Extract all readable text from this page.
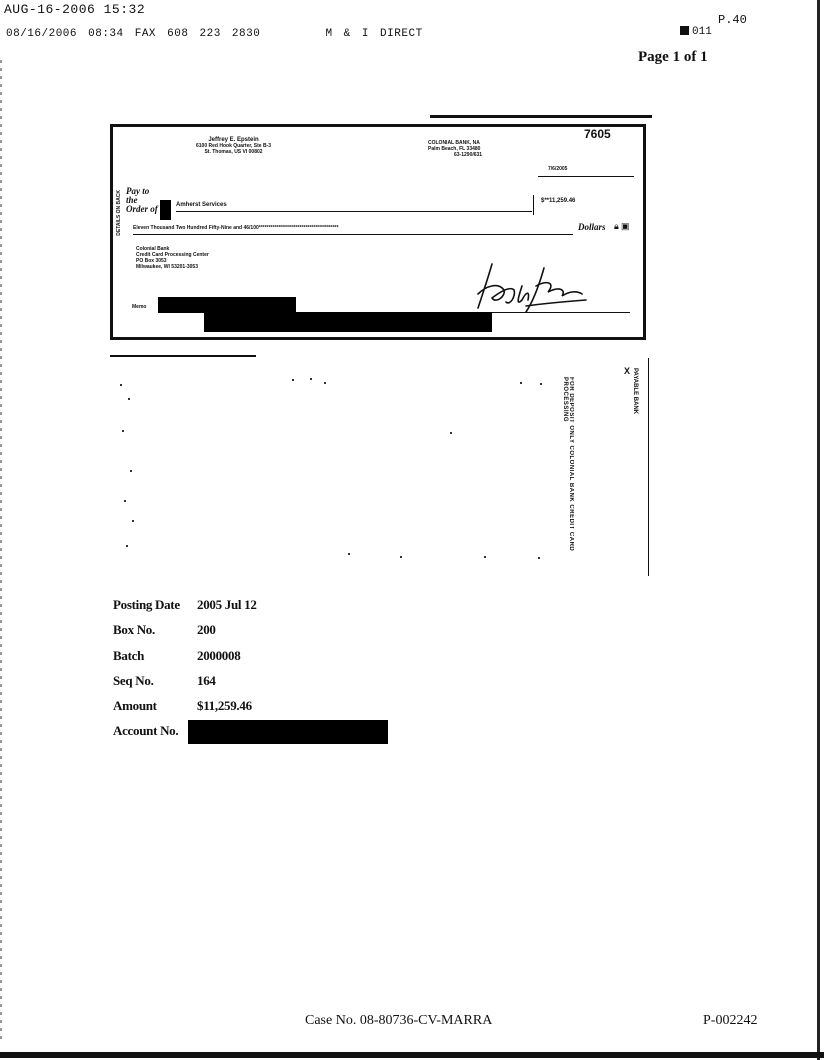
AUG-16-2006 15:32
08/16/2006 08:34 FAX 608 223 2830	M & I DIRECT
P.40
011
Page 1 of 1
7605
Jeffrey E. Epstein
6100 Red Hook Quarter, Ste B-3
St. Thomas, US VI 00802
COLONIAL BANK, NA
Palm Beach, FL 33480
63-1290/631
7/6/2005
DETAILS ON BACK Pay to the Order of	Amherst Services
$**11,259.46
Eleven Thousand Two Hundred Fifty-Nine and 46/100*****************************************	Dollars 🔒︎ ▣
Colonial Bank
Credit Card Processing Center
PO Box 3053
Milwaukee, WI 53201-3053
Memo
X
FOR DEPOSIT ONLY COLONIAL BANK CREDIT CARD PROCESSING	PAYABLE BANK
Posting Date 2005 Jul 12
Box No.	200
Batch	2000008
Seq No.	164
Amount	$11,259.46
Account No.
Case No. 08-80736-CV-MARRA	P-002242
